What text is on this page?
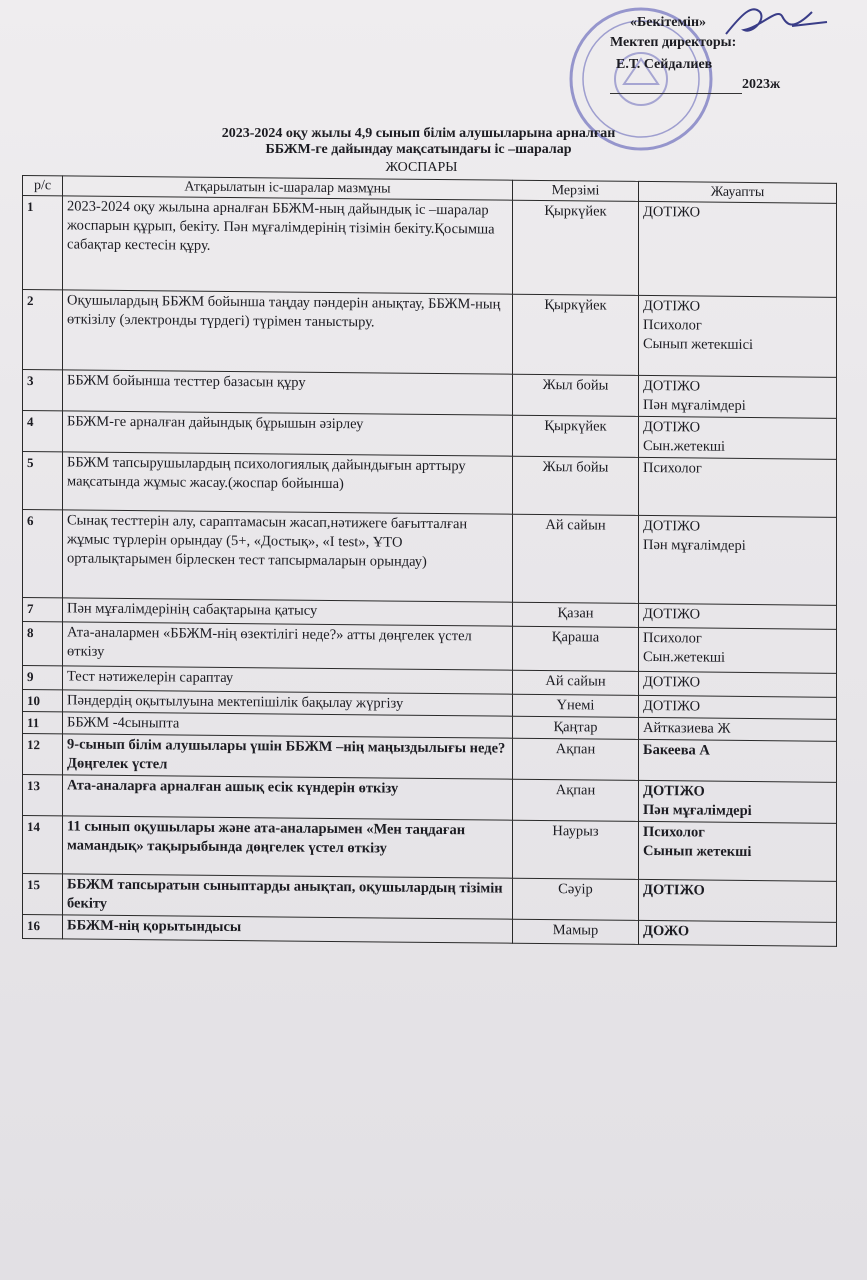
«Бекітемін»
Мектеп директоры:
Е.Т. Сейдалиев
2023ж
2023-2024 оқу жылы 4,9 сынып білім алушыларына арналған
ББЖМ-ге дайындау мақсатындағы іс –шаралар
ЖОСПАРЫ
р/с	Атқарылатын іс-шаралар мазмұны	Мерзімі	Жауапты
1	2023-2024 оқу жылына арналған ББЖМ-ның дайындық іс –шаралар жоспарын құрып, бекіту. Пән мұғалімдерінің тізімін бекіту.Қосымша сабақтар кестесін құру.	Қыркүйек	ДОТІЖО
2	Оқушылардың ББЖМ бойынша таңдау пәндерін анықтау, ББЖМ-ның өткізілу (электронды түрдегі) түрімен таныстыру.	Қыркүйек	ДОТІЖО
Психолог
Сынып жетекшісі
3	ББЖМ бойынша тесттер базасын құру	Жыл бойы	ДОТІЖО
Пән мұғалімдері
4	ББЖМ-ге арналған дайындық бұрышын әзірлеу	Қыркүйек	ДОТІЖО
Сын.жетекші
5	ББЖМ тапсырушылардың психологиялық дайындығын арттыру мақсатында жұмыс жасау.(жоспар бойынша)	Жыл бойы	Психолог
6	Сынақ тесттерін алу, сараптамасын жасап,нәтижеге бағытталған жұмыс түрлерін орындау (5+, «Достық», «I test», ҰТО орталықтарымен бірлескен тест тапсырмаларын орындау)	Ай сайын	ДОТІЖО
Пән мұғалімдері
7	Пән мұғалімдерінің сабақтарына қатысу	Қазан	ДОТІЖО
8	Ата-аналармен «ББЖМ-нің өзектілігі неде?» атты дөңгелек үстел өткізу	Қараша	Психолог
Сын.жетекші
9	Тест нәтижелерін сараптау	Ай сайын	ДОТІЖО
10	Пәндердің оқытылуына мектепішілік бақылау жүргізу	Үнемі	ДОТІЖО
11	ББЖМ -4сыныпта	Қаңтар	Айтказиева Ж
12	9-сынып білім алушылары үшін ББЖМ –нің маңыздылығы неде? Дөңгелек үстел	Ақпан	Бакеева А
13	Ата-аналарға арналған ашық есік күндерін өткізу	Ақпан	ДОТІЖО
Пән мұғалімдері
14	11 сынып оқушылары және ата-аналарымен «Мен таңдаған мамандық» тақырыбында дөңгелек үстел өткізу	Наурыз	Психолог
Сынып жетекші
15	ББЖМ тапсыратын сыныптарды анықтап, оқушылардың тізімін бекіту	Сәуір	ДОТІЖО
16	ББЖМ-нің қорытындысы	Мамыр	ДОЖО
